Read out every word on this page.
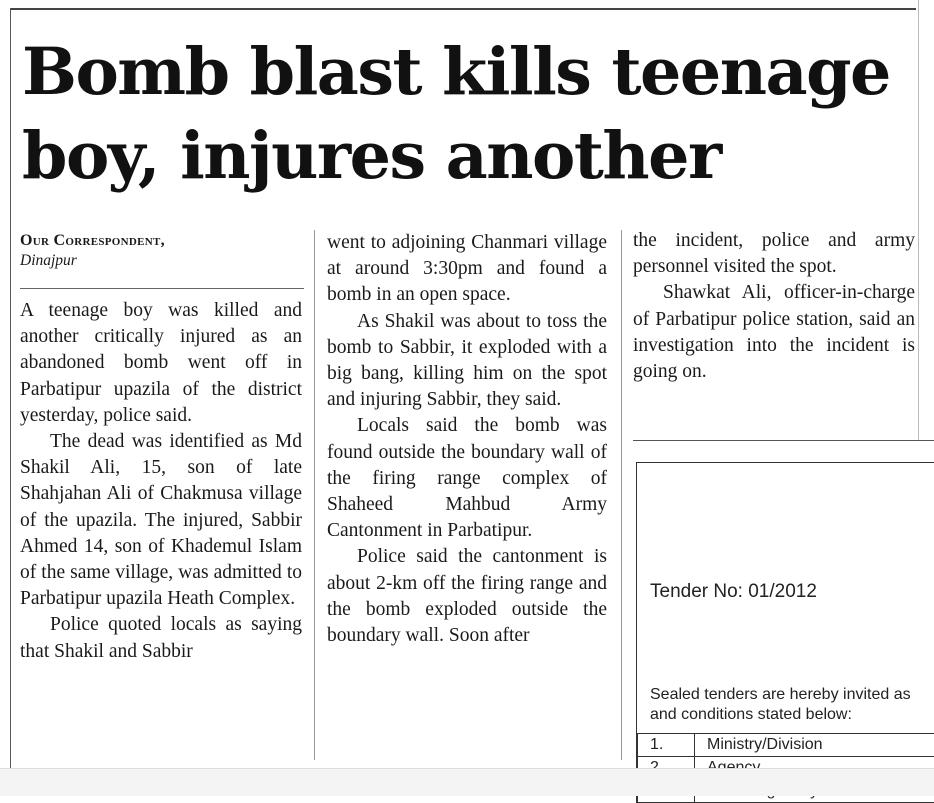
Bomb blast kills teenage boy, injures another
Our Correspondent,
Dinajpur

A teenage boy was killed and another critically injured as an abandoned bomb went off in Parbatipur upazila of the district yesterday, police said.

The dead was identified as Md Shakil Ali, 15, son of late Shahjahan Ali of Chakmusa village of the upazila. The injured, Sabbir Ahmed 14, son of Khademul Islam of the same village, was admitted to Parbatipur upazila Heath Complex.

Police quoted locals as saying that Shakil and Sabbir

went to adjoining Chanmari village at around 3:30pm and found a bomb in an open space.

As Shakil was about to toss the bomb to Sabbir, it exploded with a big bang, killing him on the spot and injuring Sabbir, they said.

Locals said the bomb was found outside the boundary wall of the firing range complex of Shaheed Mahbud Army Cantonment in Parbatipur.

Police said the cantonment is about 2-km off the firing range and the bomb exploded outside the boundary wall. Soon after

the incident, police and army personnel visited the spot.

Shawkat Ali, officer-in-charge of Parbatipur police station, said an investigation into the incident is going on.

Tender No: 01/2012
Sealed tenders are hereby invited as
and conditions stated below:
1.	Ministry/Division
